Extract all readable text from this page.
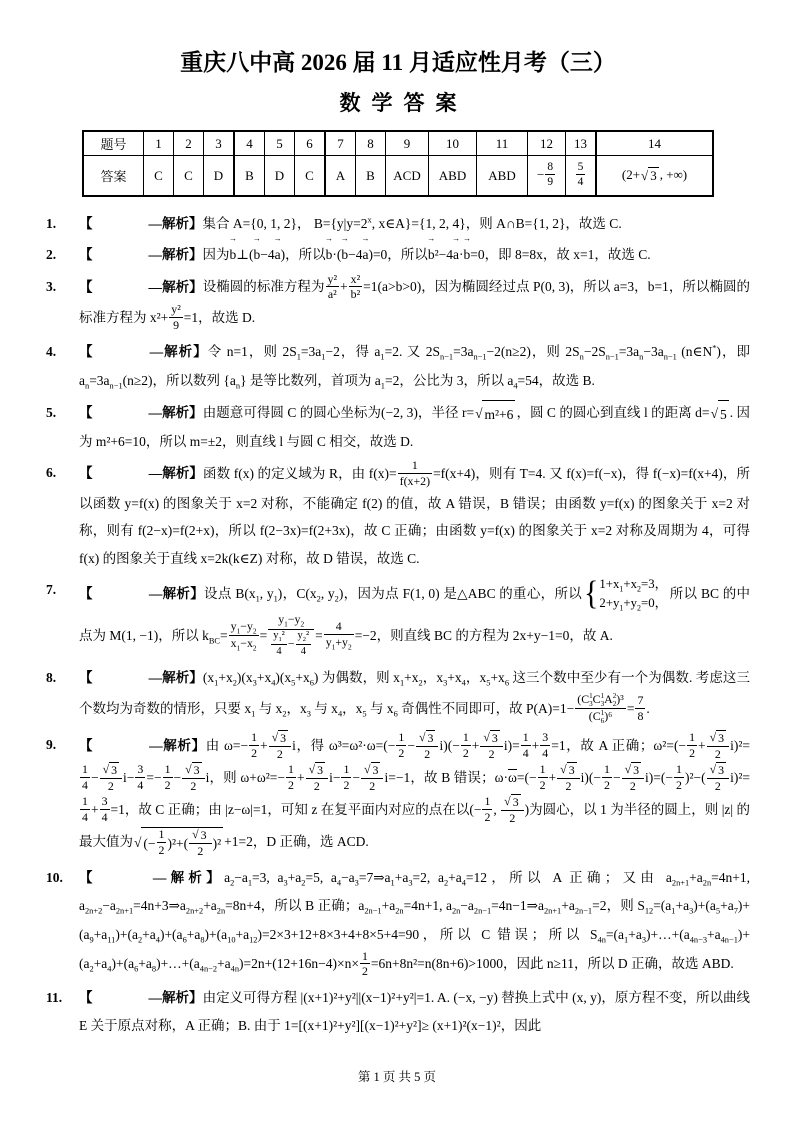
重庆八中高 2026 届 11 月适应性月考（三）
数学答案
题号	1	2	3	4	5	6	7	8	9	10	11	12	13	14
答案	C	C	D	B	D	C	A	B	ACD	ABD	ABD	− $\frac{8}{9}$	$\frac{5}{4}$	(2+ √ 3 , +∞)
1.	【	—解析】集合 A={0, 1, 2}， $B=\{y|y=2^x$, x∈A}={1, 2, 4}，则 A∩B={1, 2}，故选 C.
2.	【	—解析】因为b →⊥(b →−4a →)，所以b →·(b →−4a →)=0，所以b →²−4a →·b →=0，即 8=8x，故 x=1，故选 C.
3.	【	—解析】设椭圆的标准方程为 $\frac{\text{y²}}{\text{a²}} + \frac{\text{x²}}{\text{b²}} =1(a>b>0)$，因为椭圆经过点 P(0, 3)，所以 a=3，b=1，所以椭圆的标准方程为 $x^2+ \frac{\text{y²}}{9} =1$，故选 D.
4.	【	—解析】令 n=1，则 $2S_1=3a_1-2$，得 $a_1=2$. 又 $2S_{n-1}=3a_{n-1}-2(n\ge 2)$，则 $2S_n-2S_{n-1}=3a_n-3a_{n-1}$ (n∈N*)，即 $a_n=3a_{n-1}(n\ge 2)$，所以数列 $\{a_n\}$ 是等比数列，首项为 $a_1=2$，公比为 3，所以 $a_4=54$，故选 B.
5.	【	—解析】由题意可得圆 C 的圆心坐标为(−2, 3)，半径 r= √ m²+6 ，圆 C 的圆心到直线 l 的距离 d= √ 5 . 因为 m²+6=10，所以 m=±2，则直线 l 与圆 C 相交，故选 D.
6.	【	—解析】函数 f(x) 的定义域为 R，由 $f(x)= \frac{1}{f(x+2)} =f(x+4)$，则有 T=4. 又 f(x)=f(−x)，得 f(−x)=f(x+4)，所以函数 y=f(x) 的图象关于 x=2 对称，不能确定 f(2) 的值，故 A 错误，B 错误；由函数 y=f(x) 的图象关于 x=2 对称，则有 f(2−x)=f(2+x)，所以 f(2−3x)=f(2+3x)，故 C 正确；由函数 y=f(x) 的图象关于 x=2 对称及周期为 4，可得 f(x) 的图象关于直线 x=2k(k∈Z) 对称，故 D 错误，故选 C.
7.	【	—解析】设点 $B(x_1$, $y_1$)，$C(x_2$, $y_2$)，因为点 F(1, 0) 是△ABC 的重心，所以 { $1+x_1+x_2=3$，
$2+y_1+y_2=0$，
所以 BC 的中点为 M(1, −1)，所以 $k_{BC}= \frac{y_1-y_2}{x_1-x_2} = \frac{y_1-y_2}{\frac{y_1^2}{4} - \frac{y_2^2}{4}} = \frac{4}{y_1+y_2} =-2$，则直线 BC 的方程为 2x+y−1=0，故 A.
8.	【	—解析】$(x_1+x_2)(x_3+x_4)(x_5+x_6)$ 为偶数，则 $x_1+x_2$，$x_3+x_4$，$x_5+x_6$ 这三个数中至少有一个为偶数. 考虑这三个数均为奇数的情形，只要 $x_1$ 与 $x_2$，$x_3$ 与 $x_4$，$x_5$ 与 $x_6$ 奇偶性不同即可，故 P(A)=1− (C 1
3 C 1
3 A 2
2 )³
(C 1
6 )$^6 = \frac{7}{8}$ .
9.	【	—解析】由 $\omega=- \frac{1}{2} + \frac{√ 3}{2}$ i，得 $\omega^3=\omega^2\cdot\omega=(- \frac{1}{2} - \frac{√ 3}{2} i)(- \frac{1}{2} + \frac{√ 3}{2} i)= \frac{1}{4} + \frac{3}{4} =1$，故 A 正确；$\omega^2=(- \frac{1}{2} + \frac{√ 3}{2} i)^2=$
$\frac{1}{4} - \frac{√ 3}{2} i- \frac{3}{4} =- \frac{1}{2} - \frac{√ 3}{2}$ i，则 $\omega+\omega^2=- \frac{1}{2} + \frac{√ 3}{2} i- \frac{1}{2} - \frac{√ 3}{2} i=-1$，故 B 错误；$\omega\cdot\omega=(- \frac{1}{2} + \frac{√ 3}{2} i)(- \frac{1}{2} - \frac{√ 3}{2} i)=(- \frac{1}{2} )^2-( \frac{√ 3}{2} i)^2=$
$\frac{1}{4} + \frac{3}{4} =1$，故 C 正确；由 |z−ω|=1，可知 z 在复平面内对应的点在以(− $\frac{1}{2}$ , $\frac{√ 3}{2}$ )为圆心，以 1 为半径的圆上，则 |z| 的最大值为 √ (− $\frac{1}{2} )^2+( \frac{√ 3}{2} )^2 +1=2$，D 正确，选 ACD.
10.	【	—解析】$a_2-a_1=3$, $a_3+a_2=5$, $a_4-a_3=7\Rightarrow a_1+a_3=2$, $a_2+a_4=12$，所以 A 正确；又由 $a_{2n+1}+a_{2n}=4n+1$, $a_{2n+2}-a_{2n+1}=4n+3\Rightarrow a_{2n+2}+a_{2n}=8n+4$，所以 B 正确；$a_{2n-1}+a_{2n}=4n+1$, $a_{2n}-a_{2n-1}=4n-1\Rightarrow a_{2n+1}+a_{2n-1}=2$，则 $S_{12}=(a_1+a_3)+(a_5+a_7)+(a_9+a_{11})+(a_2+a_4)+(a_6+a_8)+(a_{10}+a_{12})=2\times 3+12+8\times 3+4+8\times 5+4=90$，所以 C 错误；所以 $S_{4n}=(a_1+a_3)+\dots+(a_{4n-3}+a_{4n-1})+(a_2+a_4)+(a_6+a_8)+\dots+(a_{4n-2}+a_{4n})=2n+(12+16n-4)\times n\times \frac{1}{2} =6n+8n^2=n(8n+6)>1000$，因此 n≥11，所以 D 正确，故选 ABD.
11.	【	—解析】由定义可得方程 |(x+1)²+y²||(x−1)²+y²|=1. A. (−x, −y) 替换上式中 (x, y)，原方程不变，所以曲线 E 关于原点对称，A 正确；B. 由于 1=[(x+1)²+y²][(x−1)²+y²]≥ (x+1)²(x−1)²，因此
第 1 页 共 5 页
